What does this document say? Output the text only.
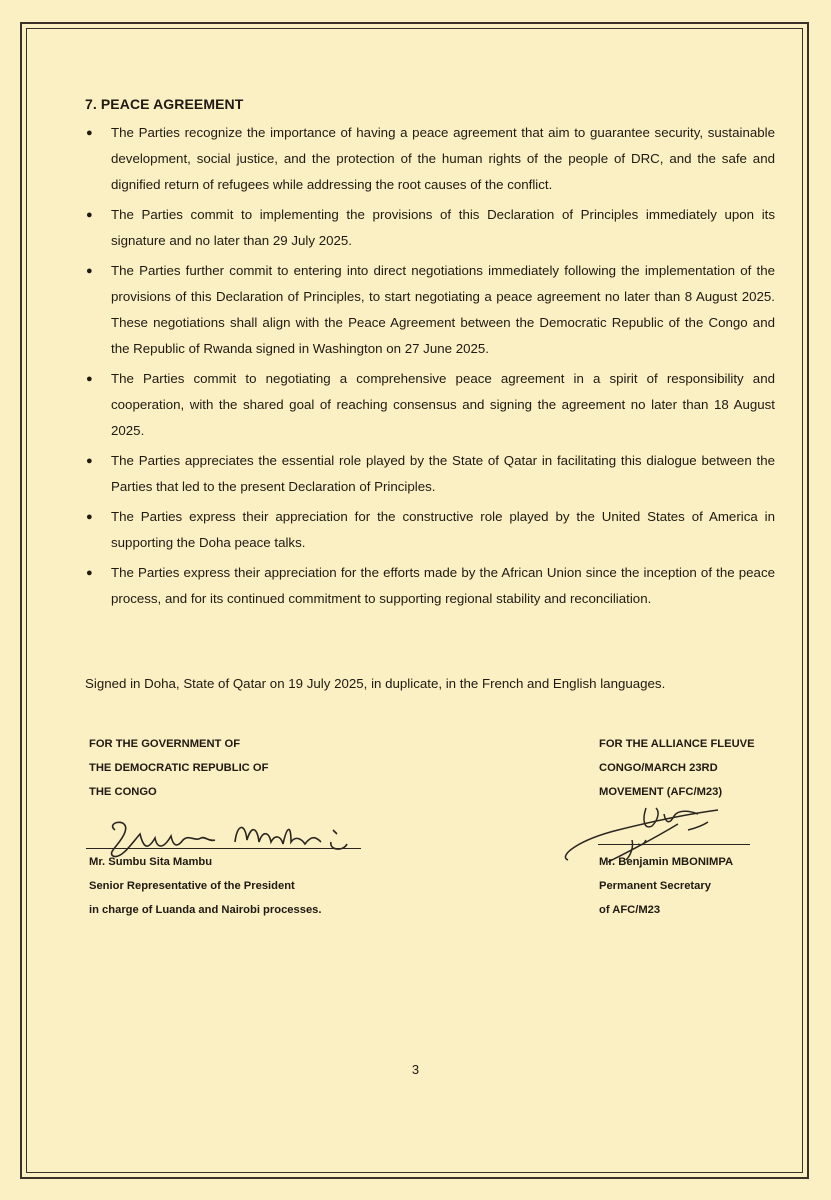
7. PEACE AGREEMENT
● The Parties recognize the importance of having a peace agreement that aim to guarantee security, sustainable development, social justice, and the protection of the human rights of the people of DRC, and the safe and dignified return of refugees while addressing the root causes of the conflict.
● The Parties commit to implementing the provisions of this Declaration of Principles immediately upon its signature and no later than 29 July 2025.
● The Parties further commit to entering into direct negotiations immediately following the implementation of the provisions of this Declaration of Principles, to start negotiating a peace agreement no later than 8 August 2025. These negotiations shall align with the Peace Agreement between the Democratic Republic of the Congo and the Republic of Rwanda signed in Washington on 27 June 2025.
● The Parties commit to negotiating a comprehensive peace agreement in a spirit of responsibility and cooperation, with the shared goal of reaching consensus and signing the agreement no later than 18 August 2025.
● The Parties appreciates the essential role played by the State of Qatar in facilitating this dialogue between the Parties that led to the present Declaration of Principles.
● The Parties express their appreciation for the constructive role played by the United States of America in supporting the Doha peace talks.
● The Parties express their appreciation for the efforts made by the African Union since the inception of the peace process, and for its continued commitment to supporting regional stability and reconciliation.
Signed in Doha, State of Qatar on 19 July 2025, in duplicate, in the French and English languages.
FOR THE GOVERNMENT OF
THE DEMOCRATIC REPUBLIC OF
THE CONGO
Mr. Sumbu Sita Mambu
Senior Representative of the President
in charge of Luanda and Nairobi processes.
FOR THE ALLIANCE FLEUVE
CONGO/MARCH 23RD
MOVEMENT (AFC/M23)
Mr. Benjamin MBONIMPA
Permanent Secretary
of AFC/M23
3
